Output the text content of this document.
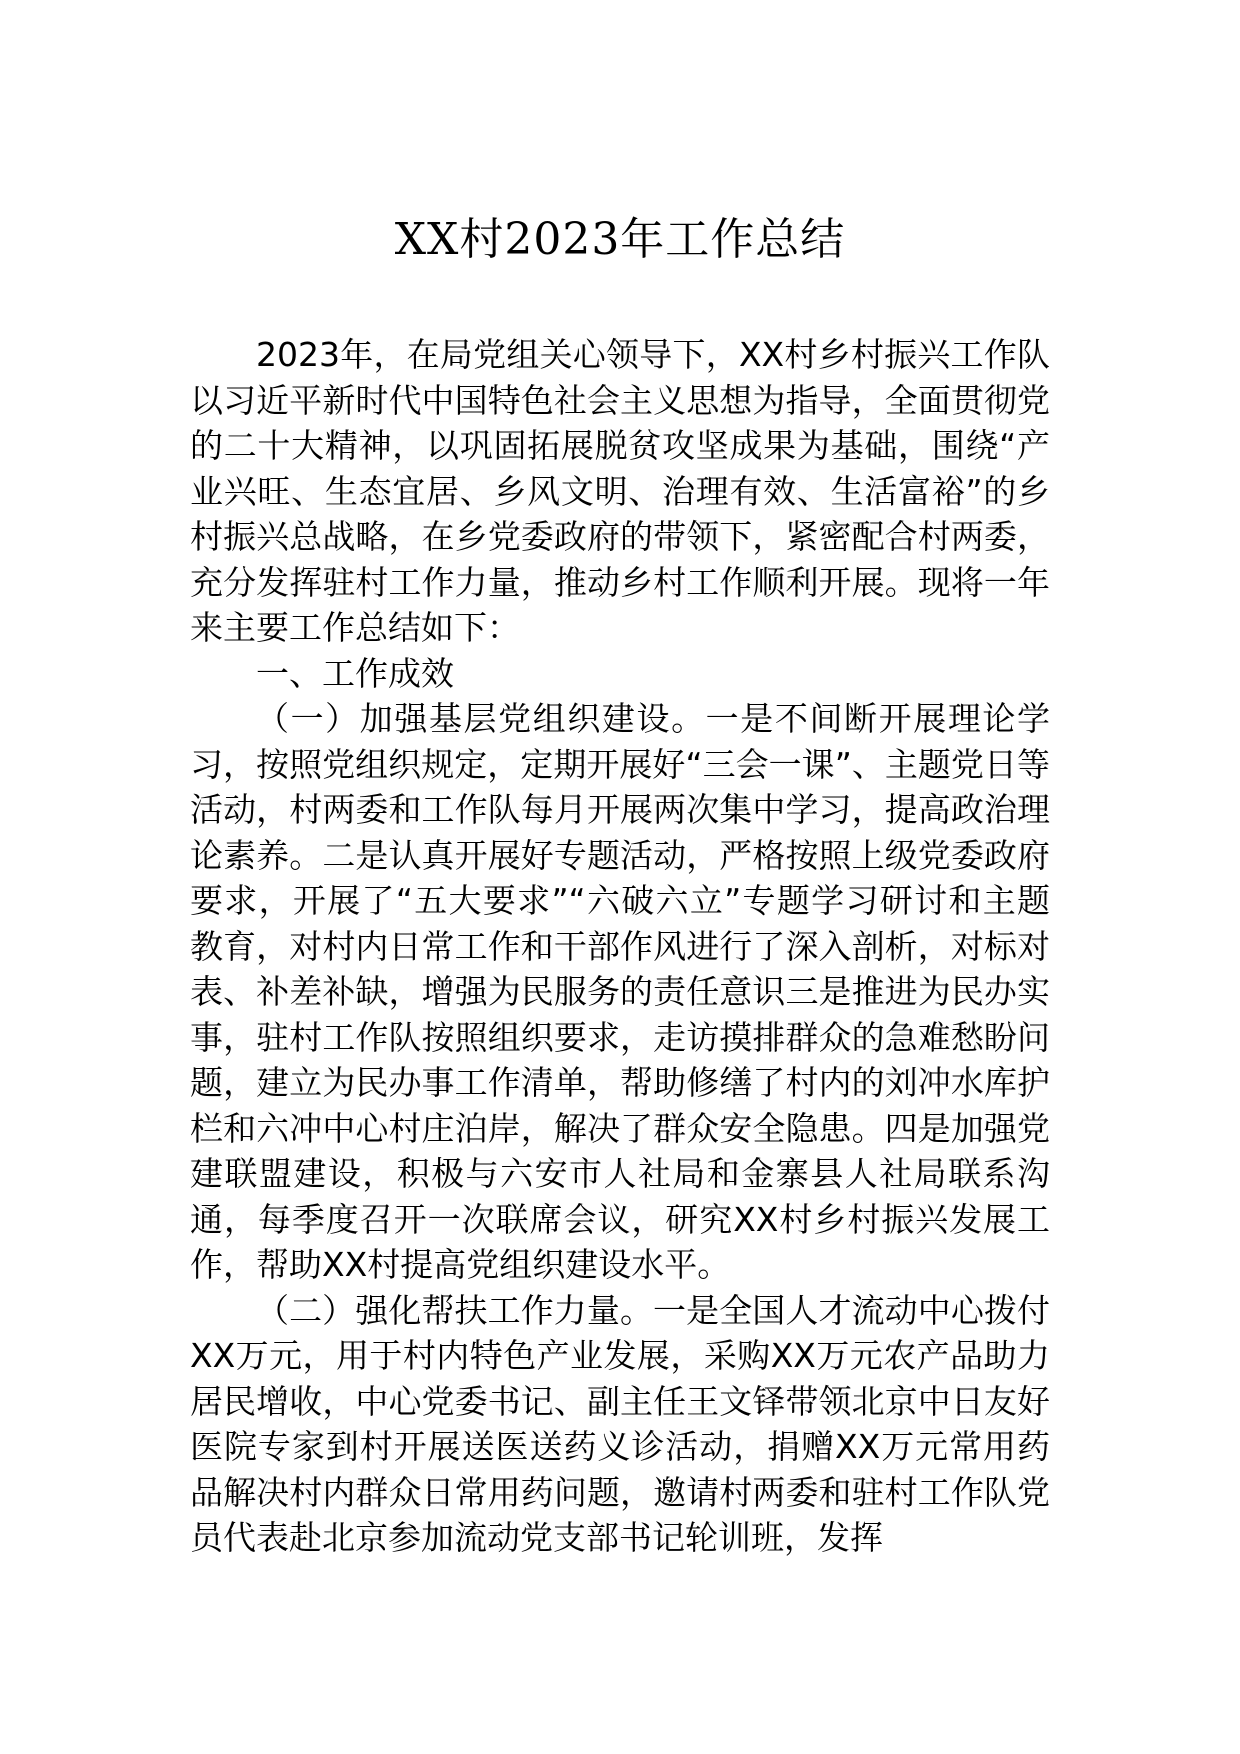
XX村2023年工作总结

2023年，在局党组关心领导下，XX村乡村振兴工作队以习近平新时代中国特色社会主义思想为指导，全面贯彻党的二十大精神，以巩固拓展脱贫攻坚成果为基础，围绕“产业兴旺、生态宜居、乡风文明、治理有效、生活富裕”的乡村振兴总战略，在乡党委政府的带领下，紧密配合村两委，充分发挥驻村工作力量，推动乡村工作顺利开展。现将一年来主要工作总结如下：

一、工作成效

（一）加强基层党组织建设。一是不间断开展理论学习，按照党组织规定，定期开展好“三会一课”、主题党日等活动，村两委和工作队每月开展两次集中学习，提高政治理论素养。二是认真开展好专题活动，严格按照上级党委政府要求，开展了“五大要求”“六破六立”专题学习研讨和主题教育，对村内日常工作和干部作风进行了深入剖析，对标对表、补差补缺，增强为民服务的责任意识三是推进为民办实事，驻村工作队按照组织要求，走访摸排群众的急难愁盼问题，建立为民办事工作清单，帮助修缮了村内的刘冲水库护栏和六冲中心村庄泊岸，解决了群众安全隐患。四是加强党建联盟建设，积极与六安市人社局和金寨县人社局联系沟通，每季度召开一次联席会议，研究XX村乡村振兴发展工作，帮助XX村提高党组织建设水平。

（二）强化帮扶工作力量。一是全国人才流动中心拨付XX万元，用于村内特色产业发展，采购XX万元农产品助力居民增收，中心党委书记、副主任王文铎带领北京中日友好医院专家到村开展送医送药义诊活动，捐赠XX万元常用药品解决村内群众日常用药问题，邀请村两委和驻村工作队党员代表赴北京参加流动党支部书记轮训班，发挥
